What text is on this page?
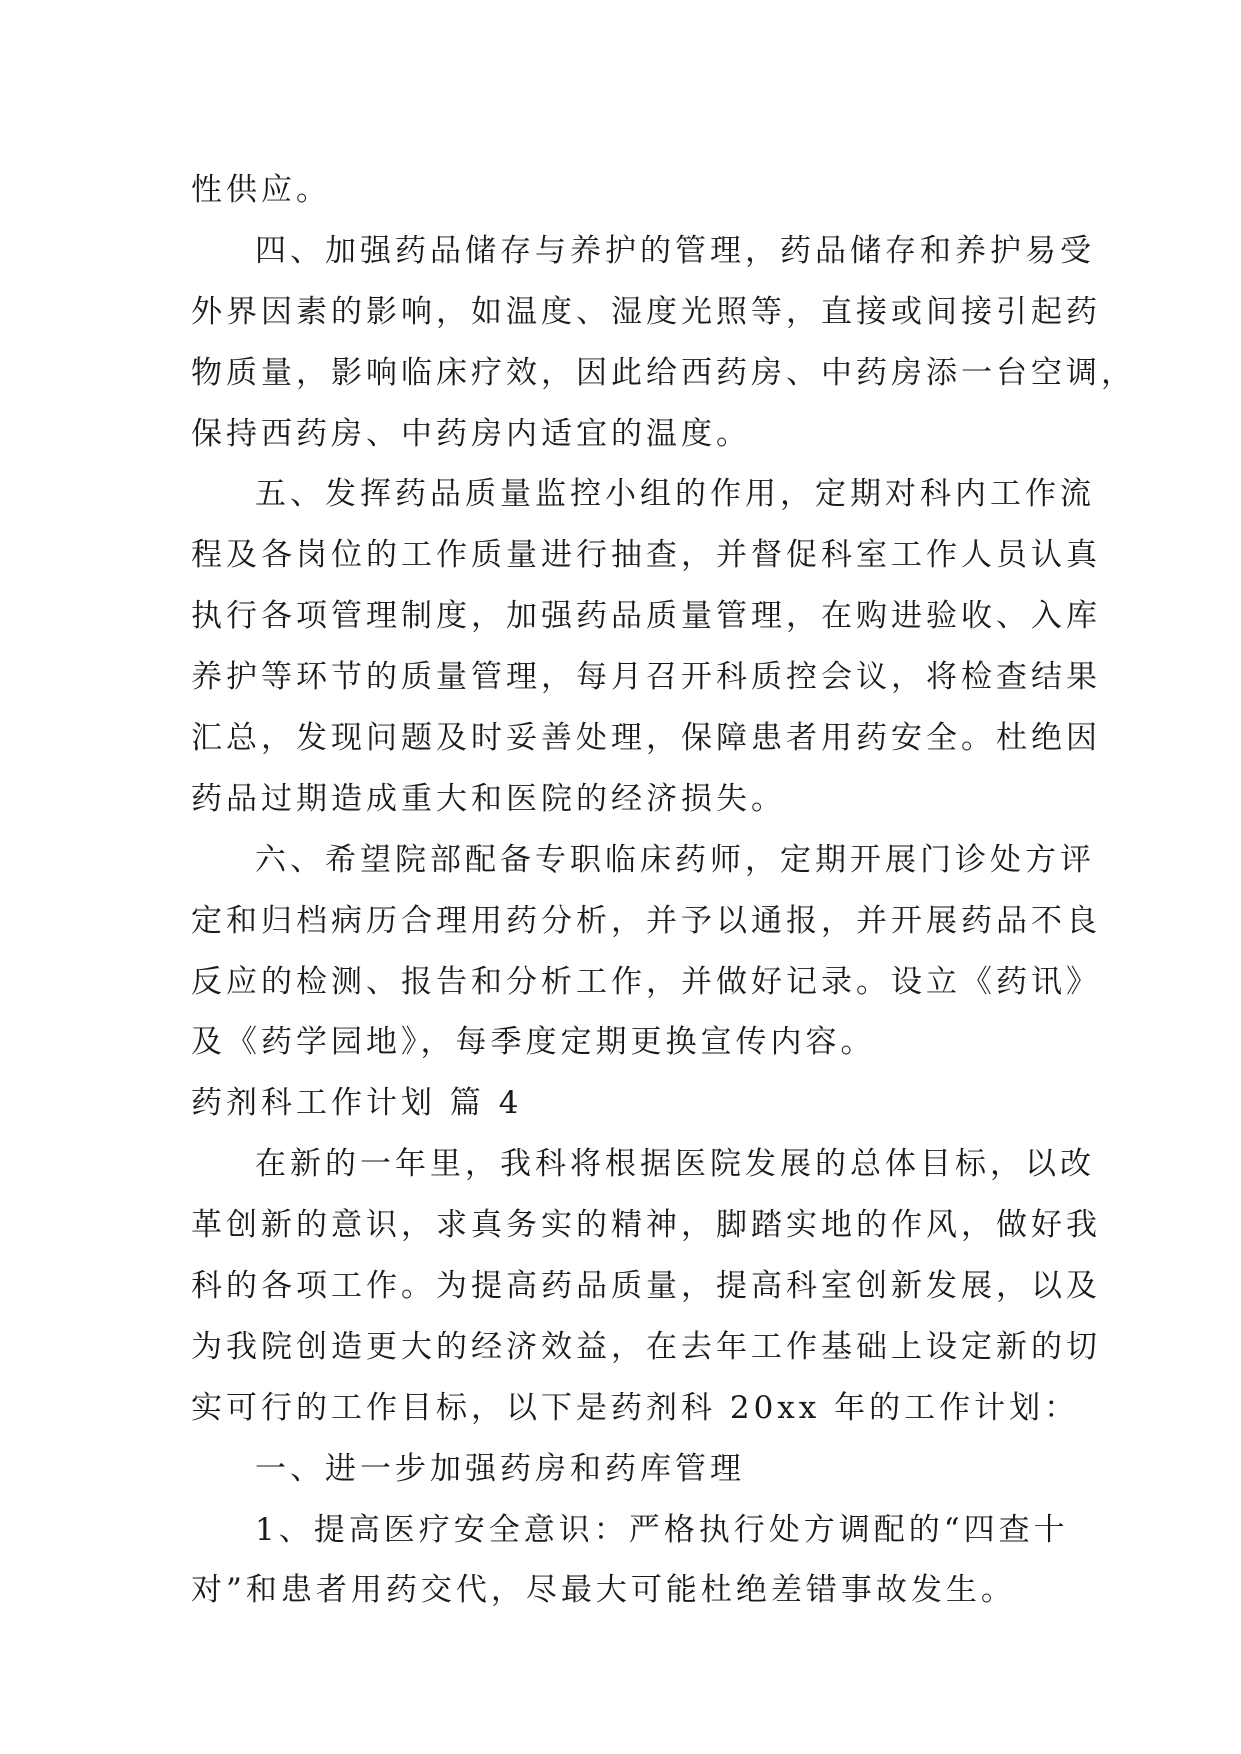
性供应。
四、加强药品储存与养护的管理，药品储存和养护易受
外界因素的影响，如温度、湿度光照等，直接或间接引起药
物质量，影响临床疗效，因此给西药房、中药房添一台空调，
保持西药房、中药房内适宜的温度。
五、发挥药品质量监控小组的作用，定期对科内工作流
程及各岗位的工作质量进行抽查，并督促科室工作人员认真
执行各项管理制度，加强药品质量管理，在购进验收、入库
养护等环节的质量管理，每月召开科质控会议，将检查结果
汇总，发现问题及时妥善处理，保障患者用药安全。杜绝因
药品过期造成重大和医院的经济损失。
六、希望院部配备专职临床药师，定期开展门诊处方评
定和归档病历合理用药分析，并予以通报，并开展药品不良
反应的检测、报告和分析工作，并做好记录。设立《药讯》
及《药学园地》，每季度定期更换宣传内容。
药剂科工作计划 篇 4
在新的一年里，我科将根据医院发展的总体目标，以改
革创新的意识，求真务实的精神，脚踏实地的作风，做好我
科的各项工作。为提高药品质量，提高科室创新发展，以及
为我院创造更大的经济效益，在去年工作基础上设定新的切
实可行的工作目标，以下是药剂科 20xx 年的工作计划：
一、进一步加强药房和药库管理
1、提高医疗安全意识：严格执行处方调配的“四查十
对”和患者用药交代，尽最大可能杜绝差错事故发生。
